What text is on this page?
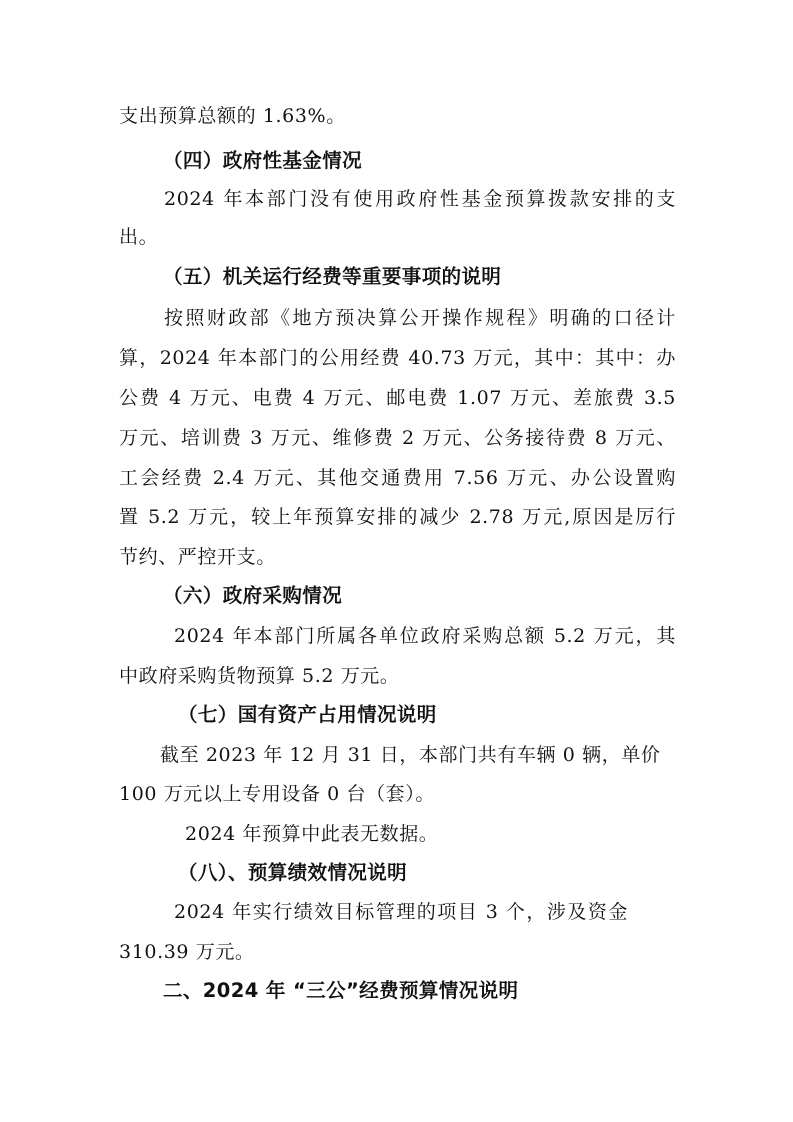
支出预算总额的 1.63%。
（四）政府性基金情况
2024 年本部门没有使用政府性基金预算拨款安排的支
出。
（五）机关运行经费等重要事项的说明
按照财政部《地方预决算公开操作规程》明确的口径计
算，2024 年本部门的公用经费 40.73 万元，其中：其中：办
公费 4 万元、电费 4 万元、邮电费 1.07 万元、差旅费 3.5
万元、培训费 3 万元、维修费 2 万元、公务接待费 8 万元、
工会经费 2.4 万元、其他交通费用 7.56 万元、办公设置购
置 5.2 万元，较上年预算安排的减少 2.78 万元,原因是厉行
节约、严控开支。
（六）政府采购情况
2024 年本部门所属各单位政府采购总额 5.2 万元，其
中政府采购货物预算 5.2 万元。
（七）国有资产占用情况说明
截至 2023 年 12 月 31 日，本部门共有车辆 0 辆，单价
100 万元以上专用设备 0 台（套）。
2024 年预算中此表无数据。
（八）、预算绩效情况说明
2024 年实行绩效目标管理的项目 3 个，涉及资金
310.39 万元。
二、2024 年 “三公”经费预算情况说明
